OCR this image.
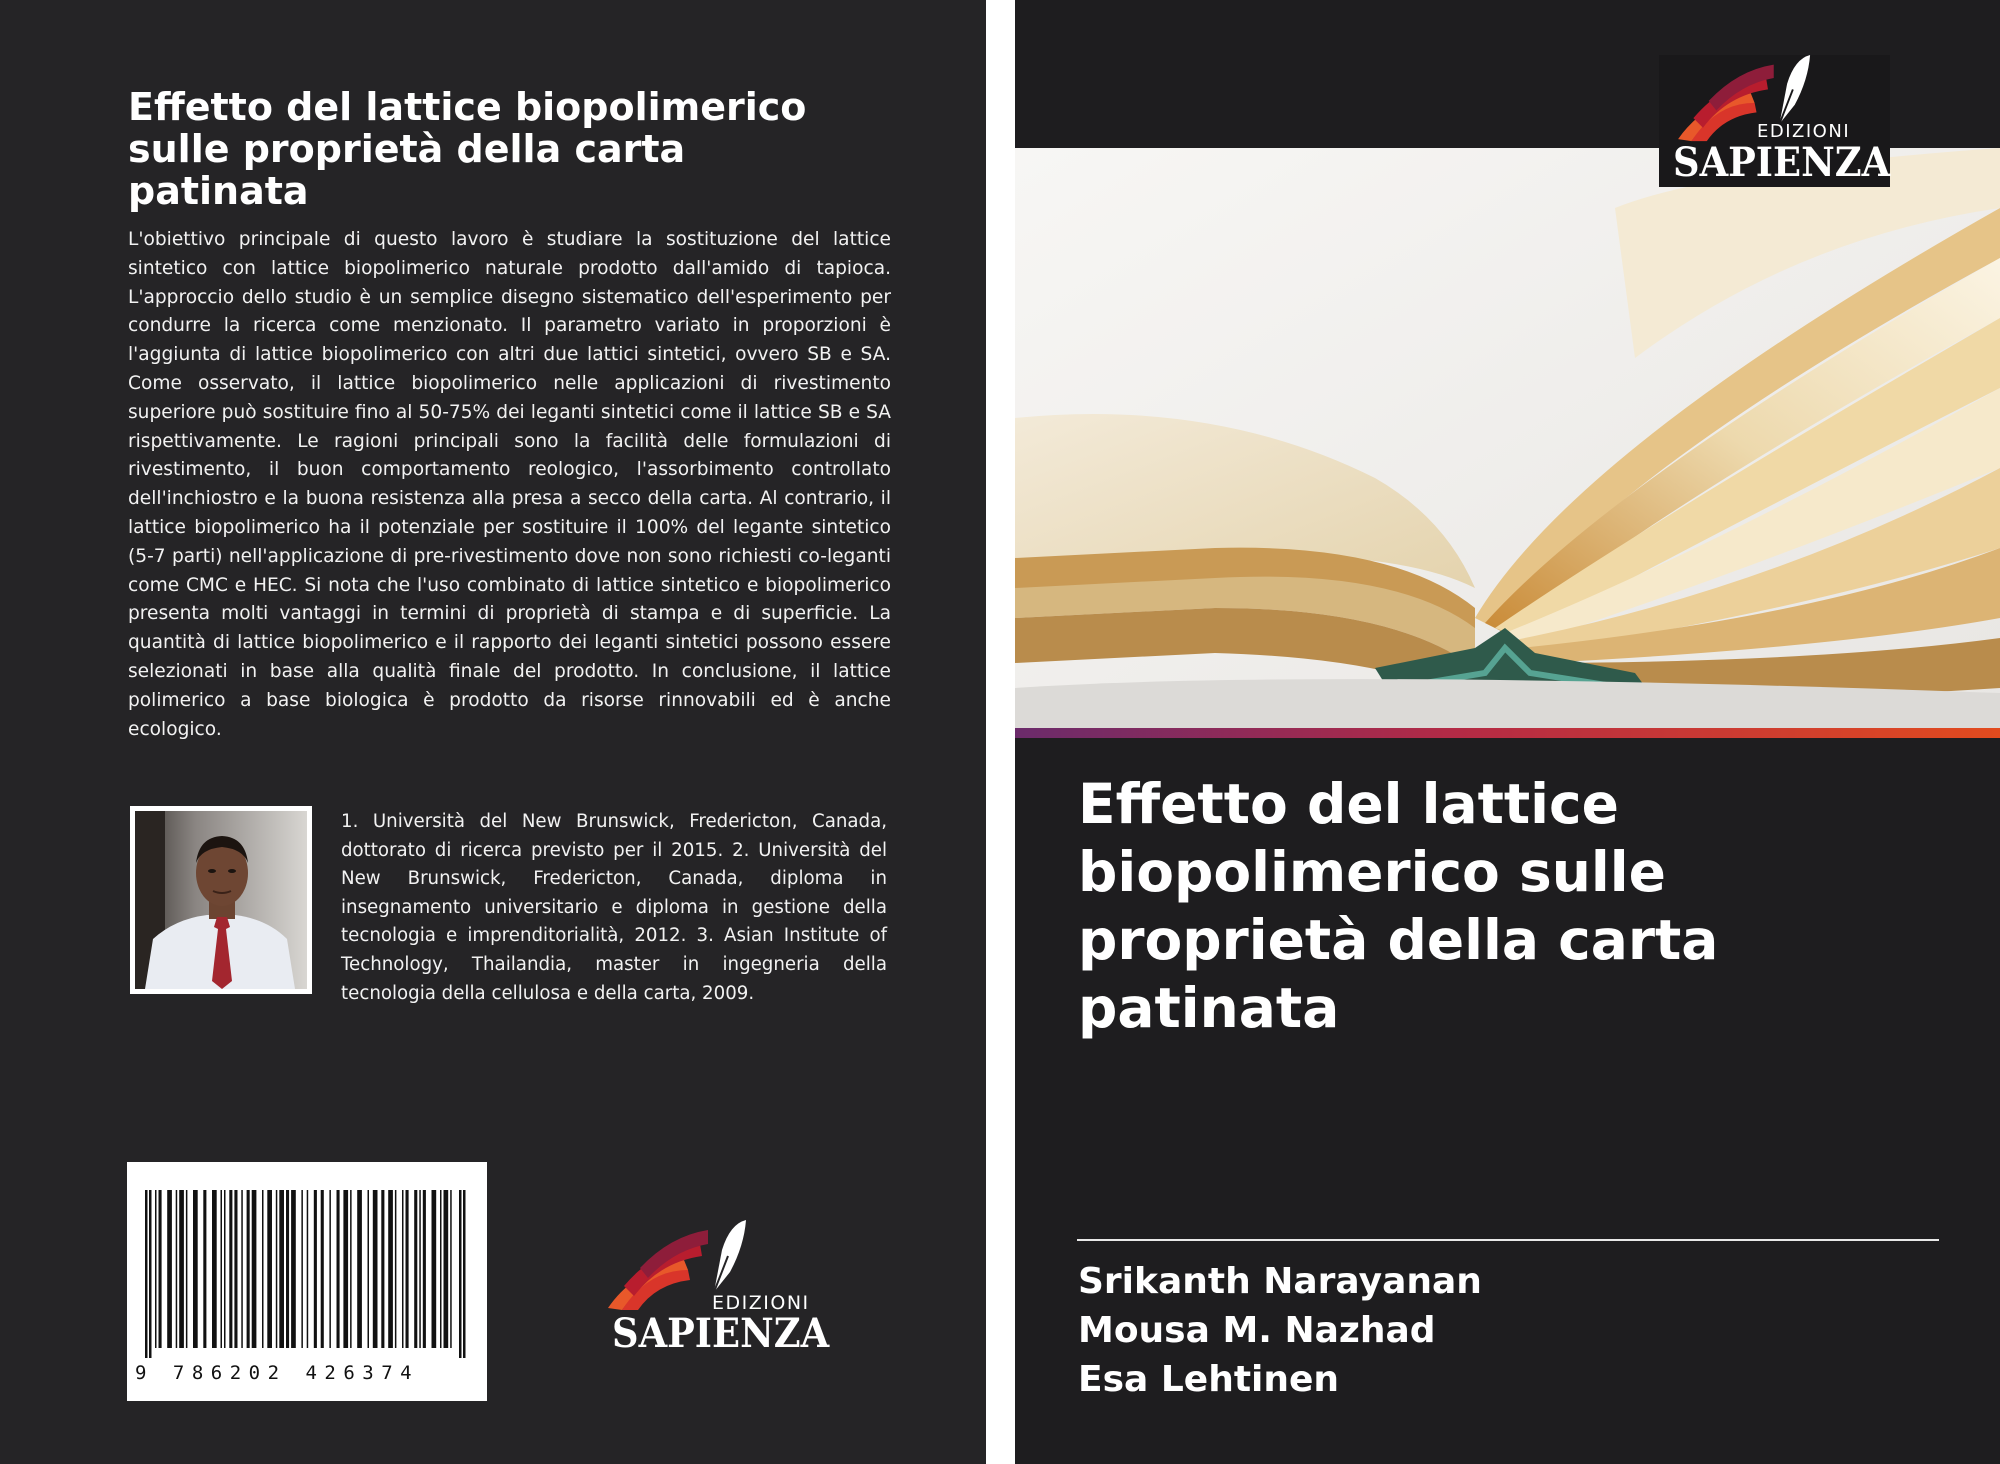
Effetto del lattice biopolimerico
sulle proprietà della carta
patinata

L'obiettivo principale di questo lavoro è studiare la sostituzione del lattice sintetico con lattice biopolimerico naturale prodotto dall'amido di tapioca. L'approccio dello studio è un semplice disegno sistematico dell'esperimento per condurre la ricerca come menzionato. Il parametro variato in proporzioni è l'aggiunta di lattice biopolimerico con altri due lattici sintetici, ovvero SB e SA. Come osservato, il lattice biopolimerico nelle applicazioni di rivestimento superiore può sostituire fino al 50-75% dei leganti sintetici come il lattice SB e SA rispettivamente. Le ragioni principali sono la facilità delle formulazioni di rivestimento, il buon comportamento reologico, l'assorbimento controllato dell'inchiostro e la buona resistenza alla presa a secco della carta. Al contrario, il lattice biopolimerico ha il potenziale per sostituire il 100% del legante sintetico (5-7 parti) nell'applicazione di pre-rivestimento dove non sono richiesti co-leganti come CMC e HEC. Si nota che l'uso combinato di lattice sintetico e biopolimerico presenta molti vantaggi in termini di proprietà di stampa e di superficie. La quantità di lattice biopolimerico e il rapporto dei leganti sintetici possono essere selezionati in base alla qualità finale del prodotto. In conclusione, il lattice polimerico a base biologica è prodotto da risorse rinnovabili ed è anche ecologico.

1. Università del New Brunswick, Fredericton, Canada, dottorato di ricerca previsto per il 2015. 2. Università del New Brunswick, Fredericton, Canada, diploma in insegnamento universitario e diploma in gestione della tecnologia e imprenditorialità, 2012. 3. Asian Institute of Technology, Thailandia, master in ingegneria della tecnologia della cellulosa e della carta, 2009.

9 786202 426374
EDIZIONI
SAPIENZA
EDIZIONI
SAPIENZA
Effetto del lattice
biopolimerico sulle
proprietà della carta
patinata
Srikanth Narayanan
Mousa M. Nazhad
Esa Lehtinen
